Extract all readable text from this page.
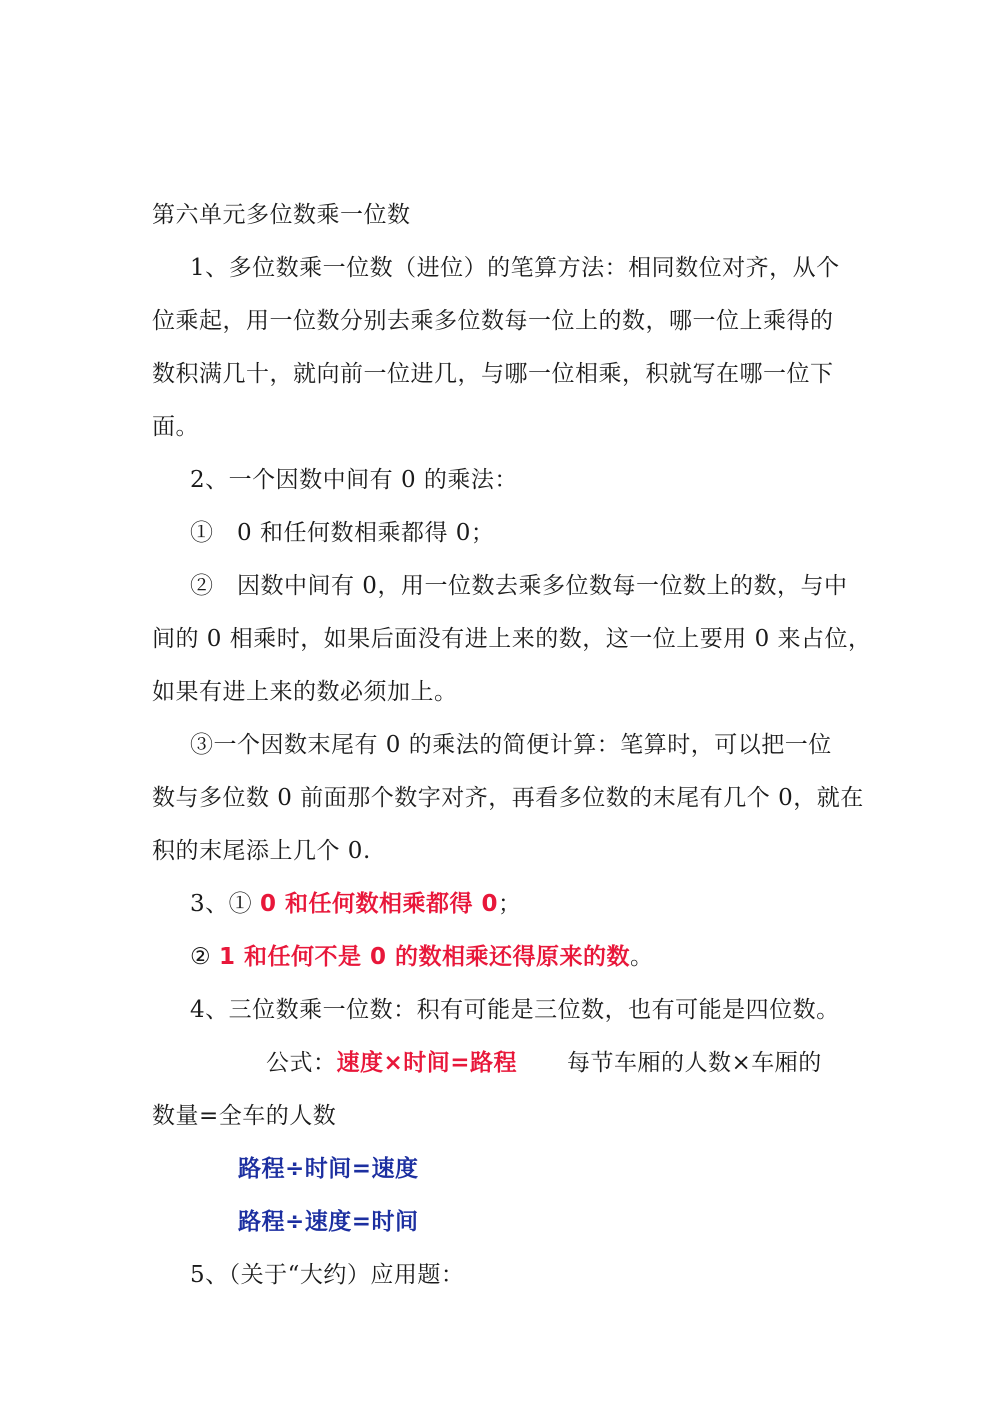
第六单元多位数乘一位数
1、多位数乘一位数（进位）的笔算方法：相同数位对齐，从个
位乘起，用一位数分别去乘多位数每一位上的数，哪一位上乘得的
数积满几十，就向前一位进几，与哪一位相乘，积就写在哪一位下
面。
2、一个因数中间有 0 的乘法：
①　0 和任何数相乘都得 0；
②　因数中间有 0，用一位数去乘多位数每一位数上的数，与中
间的 0 相乘时，如果后面没有进上来的数，这一位上要用 0 来占位，
如果有进上来的数必须加上。
③一个因数末尾有 0 的乘法的简便计算：笔算时，可以把一位
数与多位数 0 前面那个数字对齐，再看多位数的末尾有几个 0，就在
积的末尾添上几个 0.
3、① 0 和任何数相乘都得 0；
② 1 和任何不是 0 的数相乘还得原来的数。
4、三位数乘一位数：积有可能是三位数，也有可能是四位数。
公式：速度×时间=路程 每节车厢的人数×车厢的
数量=全车的人数
路程÷时间=速度
路程÷速度=时间
5、（关于“大约）应用题：
